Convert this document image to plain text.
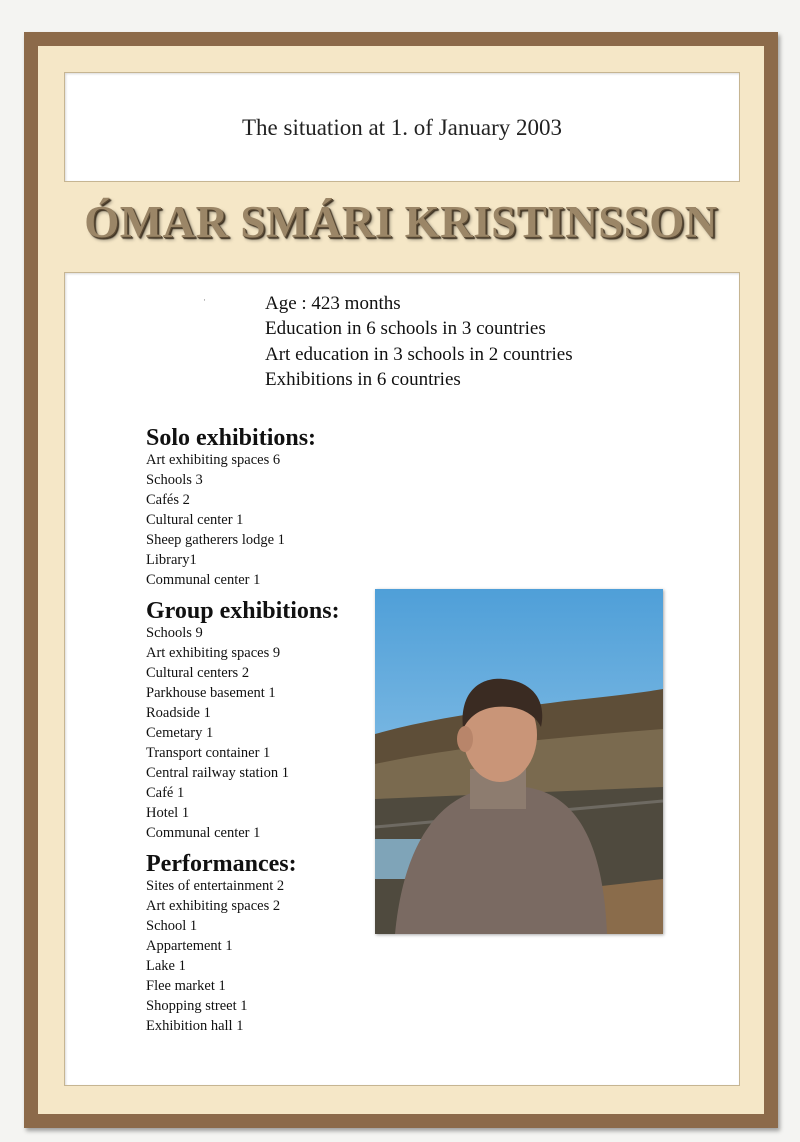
The situation at 1. of January 2003
ÓMAR SMÁRI KRISTINSSON
·	Age : 423 months
Education in 6 schools in 3 countries
Art education in 3 schools in 2 countries
Exhibitions in 6 countries
Solo exhibitions:
Art exhibiting spaces 6
Schools 3
Cafés 2
Cultural center 1
Sheep gatherers lodge 1
Library1
Communal center 1
Group exhibitions:
Schools 9
Art exhibiting spaces 9
Cultural centers 2
Parkhouse basement 1
Roadside 1
Cemetary 1
Transport container 1
Central railway station 1
Café 1
Hotel 1
Communal center 1
Performances:
Sites of entertainment 2
Art exhibiting spaces 2
School 1
Appartement 1
Lake 1
Flee market 1
Shopping street 1
Exhibition hall 1
